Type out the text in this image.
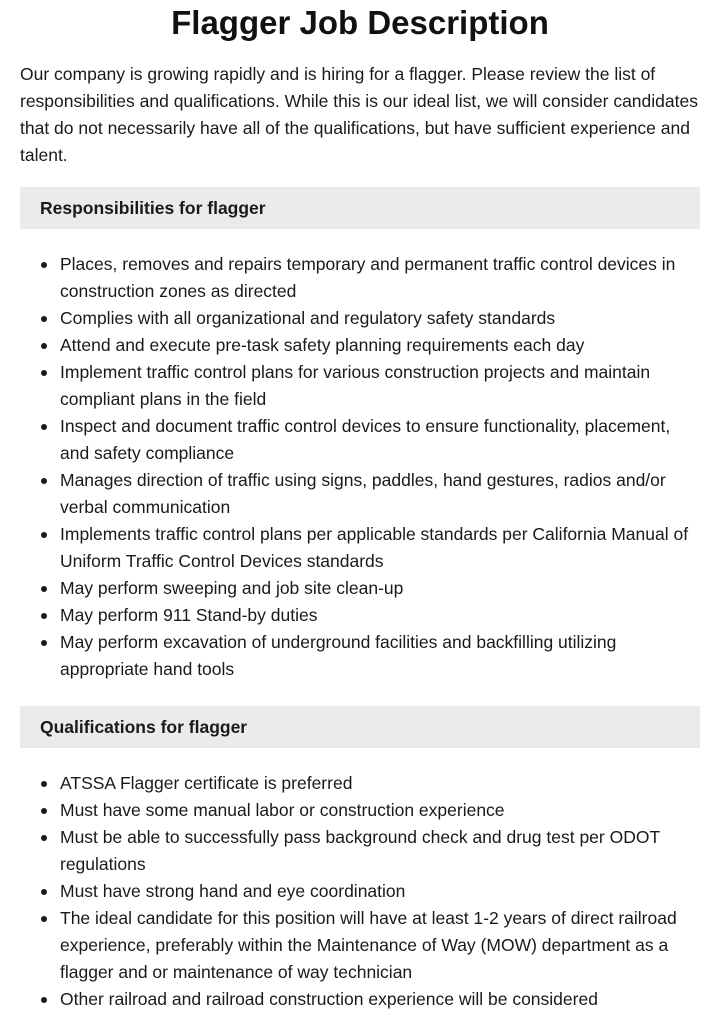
Flagger Job Description

Our company is growing rapidly and is hiring for a flagger. Please review the list of responsibilities and qualifications. While this is our ideal list, we will consider candidates that do not necessarily have all of the qualifications, but have sufficient experience and talent.

Responsibilities for flagger
Places, removes and repairs temporary and permanent traffic control devices in construction zones as directed
Complies with all organizational and regulatory safety standards
Attend and execute pre-task safety planning requirements each day
Implement traffic control plans for various construction projects and maintain compliant plans in the field
Inspect and document traffic control devices to ensure functionality, placement, and safety compliance
Manages direction of traffic using signs, paddles, hand gestures, radios and/or verbal communication
Implements traffic control plans per applicable standards per California Manual of Uniform Traffic Control Devices standards
May perform sweeping and job site clean-up
May perform 911 Stand-by duties
May perform excavation of underground facilities and backfilling utilizing appropriate hand tools
Qualifications for flagger
ATSSA Flagger certificate is preferred
Must have some manual labor or construction experience
Must be able to successfully pass background check and drug test per ODOT regulations
Must have strong hand and eye coordination
The ideal candidate for this position will have at least 1-2 years of direct railroad experience, preferably within the Maintenance of Way (MOW) department as a flagger and or maintenance of way technician
Other railroad and railroad construction experience will be considered
